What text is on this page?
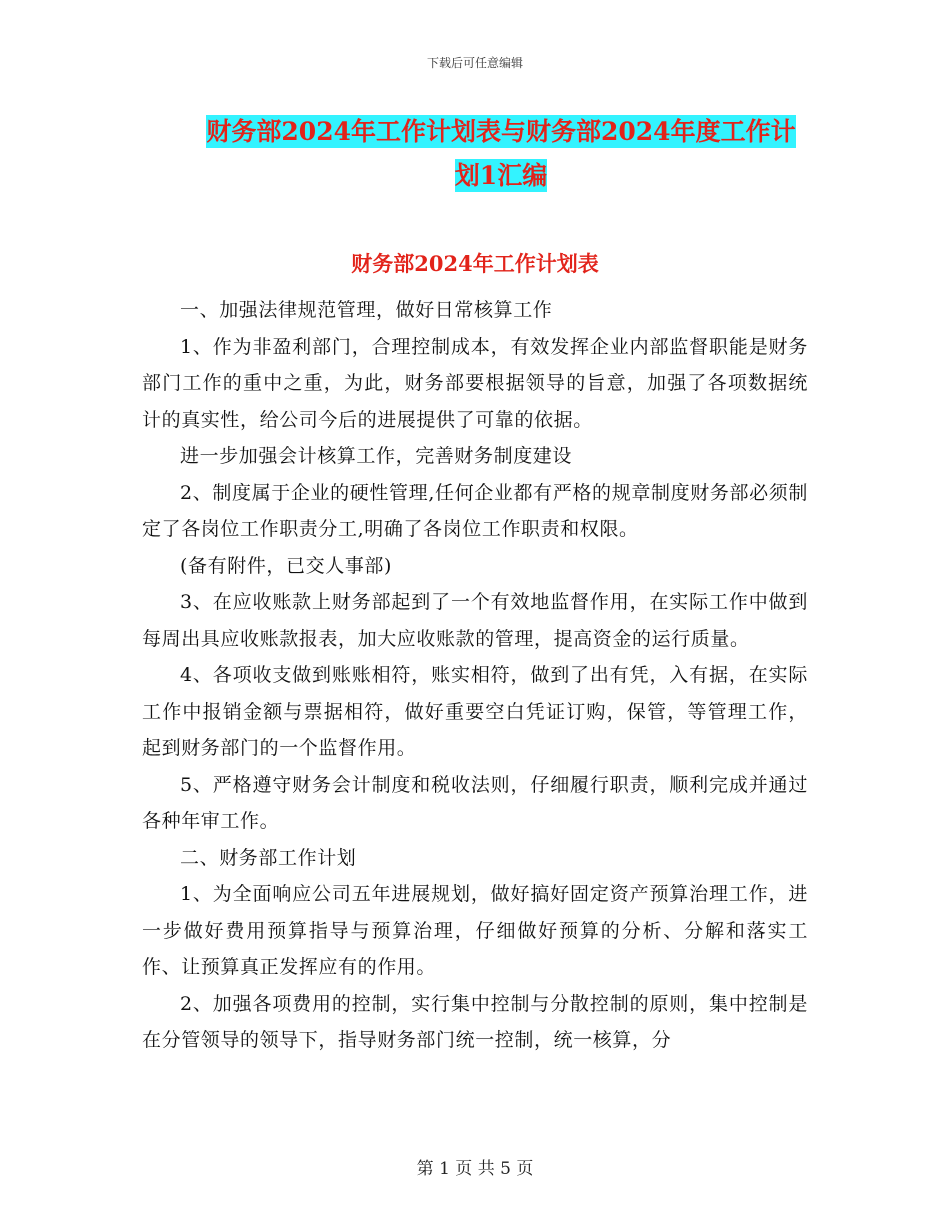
下载后可任意编辑
财务部2024年工作计划表与财务部2024年度工作计划1汇编
财务部2024年工作计划表

一、加强法律规范管理，做好日常核算工作

1、作为非盈利部门，合理控制成本，有效发挥企业内部监督职能是财务部门工作的重中之重，为此，财务部要根据领导的旨意，加强了各项数据统计的真实性，给公司今后的进展提供了可靠的依据。

进一步加强会计核算工作，完善财务制度建设

2、制度属于企业的硬性管理,任何企业都有严格的规章制度财务部必须制定了各岗位工作职责分工,明确了各岗位工作职责和权限。

(备有附件，已交人事部)

3、在应收账款上财务部起到了一个有效地监督作用，在实际工作中做到每周出具应收账款报表，加大应收账款的管理，提高资金的运行质量。

4、各项收支做到账账相符，账实相符，做到了出有凭，入有据，在实际工作中报销金额与票据相符，做好重要空白凭证订购，保管，等管理工作，起到财务部门的一个监督作用。

5、严格遵守财务会计制度和税收法则，仔细履行职责，顺利完成并通过各种年审工作。

二、财务部工作计划

1、为全面响应公司五年进展规划，做好搞好固定资产预算治理工作，进一步做好费用预算指导与预算治理，仔细做好预算的分析、分解和落实工作、让预算真正发挥应有的作用。

2、加强各项费用的控制，实行集中控制与分散控制的原则，集中控制是在分管领导的领导下，指导财务部门统一控制，统一核算，分

第 1 页 共 5 页
